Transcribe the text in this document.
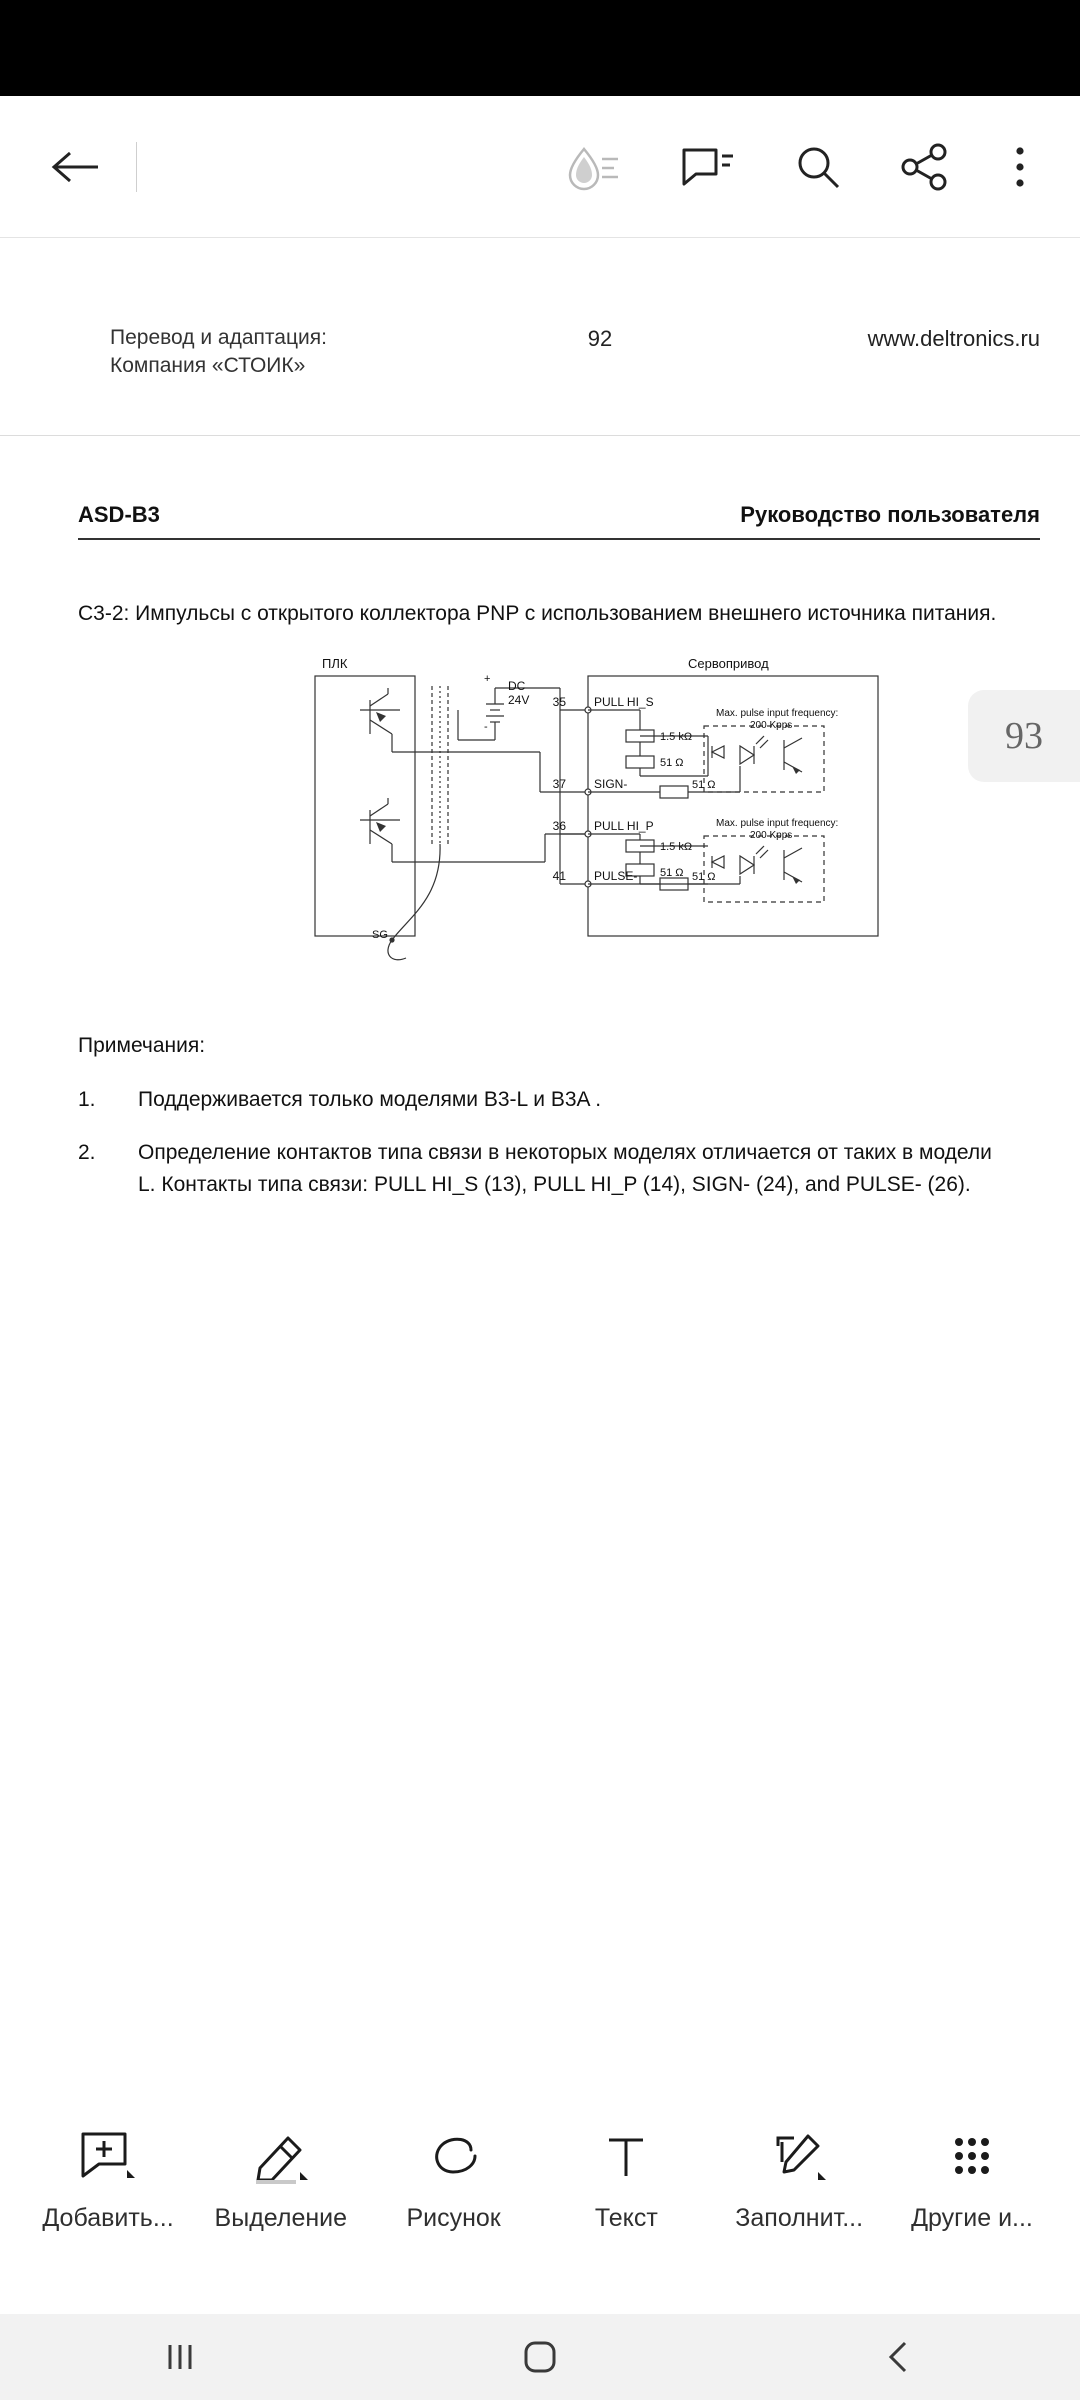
Перевод и адаптация:
Компания «СТОИК»
92	www.deltronics.ru
ASD-B3	Руководство пользователя
93
C3-2: Импульсы с открытого коллектора PNP с использованием внешнего источника питания.
ПЛК	Сервопривод
+
-
DC
24V 35 PULL HI_S
37 SIGN-
36 PULL HI_P
41 PULSE-
1.5 kΩ
51 Ω
51 Ω
1.5 kΩ
51 Ω 51 Ω
Max. pulse input frequency:
200 Kpps
Max. pulse input frequency:
200 Kpps
SG
Примечания:
1.	Поддерживается только моделями B3-L и B3A .
2.	Определение контактов типа связи в некоторых моделях отличается от таких в модели L. Контакты типа связи: PULL HI_S (13), PULL HI_P (14), SIGN- (24), and PULSE- (26).
Добавить... Выделение Рисунок	Текст	Заполнит... Другие и...
